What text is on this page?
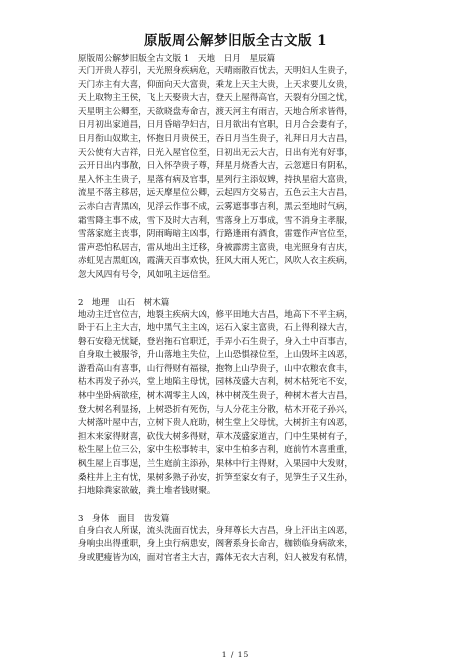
原版周公解梦旧版全古文版 1
原版周公解梦旧版全古文版 1　天地　日月　星辰篇
天门开贵人荐引，天光照身疾病危，天晴雨散百忧去，天明妇人生贵子，
天门赤主有大喜，仰面向天大富贵，乘龙上天主大贵，上天求要儿女贵，
天上取物主王侯，飞上天娶贵大吉，登天上屋得高官，天裂有分国之忧，
天星明主公卿至，天欲晓盘寿命吉，渡天河主有雨吉，天地合所求皆得，
日月初出家道昌，日月昏暗孕妇吉，日月欲出有官职，日月合会妻有子，
日月衔山奴欺主，怀抱日月贵侯王，吞日月当生贵子，礼拜日月大吉昌，
天公使有大吉祥，日光入屋官位至，日初出无云大吉，日出有光有好事，
云开日出内事散，日入怀孕贵子尊，拜星月烧香大吉，云忽遮日有阴私，
星入怀主生贵子，星落有病及官事，星列行主添奴婢，持执星宿大富贵，
流星不落主移居，远天摩星位公卿，云起四方交易吉，五色云主大吉昌，
云赤白吉青黑凶，见浮云作事不成，云雾遮事事吉利，黑云至地时气病，
霜雪降主事不成，雪下及时大吉利，雪落身上万事成，雪不消身主孝服，
雪落家庭主丧事，阴雨晦暗主凶事，行路逢雨有酒食，雷霆作声官位至，
雷声恐怕私居吉，雷从地出主迁移，身被霹雳主富贵，电光照身有吉庆，
赤虹见吉黑虹凶，霞满天百事欢快，狂风大雨人死亡，风吹人衣主疾病，
忽大风四有号令，风如吼主远信至。
2　地理　山石　树木篇
地动主迁官位吉，地裂主疾病大凶，修平田地大吉昌，地高下不平主病，
卧于石上主大吉，地中黑气主主凶，运石入家主富贵，石上得利禄大吉，
磐石安稳无忧疑，登岩拖石官职迁，手弄小石生贵子，身入土中百事吉，
自身取土被服爷，升山落地主失位，上山恐惧禄位至，上山毁坏主凶恶，
游看高山有喜事，山行得财有福禄，抱物上山孕贵子，山中农粮农食丰，
枯木再发子孙兴，堂上地陷主母忧，园林茂盛大吉利，树木枯死宅不安，
林中坐卧病欲痊，树木凋零主人凶，林中树茂生贵子，种树木者大吉昌，
登大树名利显扬，上树恐折有死伤，与人分花主分散，枯木开花子孙兴，
大树落叶屋中吉，立树下贵人庇助，树生堂上父母忧，大树折主有凶恶，
担木来家得财喜，砍伐大树多得财，草木茂盛家道吉，门中生果树有子，
松生屋上位三公，家中生松事转丰，家中生柏多吉利，庭前竹木喜重重，
枫生屋上百事逞，兰生庭前主添孙，果林中行主得财，入果园中大发财，
桑柱井上主有忧，果树多熟子孙安，折笋至家女有子，见笋生子又生孙，
扫地除粪家欲破，粪土堆者钱财聚。
3　身体　面目　齿发篇
自身白衣人所谋，流头洗面百忧去，身拜尊长大吉昌，身上汗出主凶恶，
身响虫出得重职，身上虫行病患安，阁奢系身长命吉，枷锁临身病欲来，
身或肥瘦皆为凶，面对官者主大吉，露体无衣大吉利，妇人被发有私情，
1 / 15
